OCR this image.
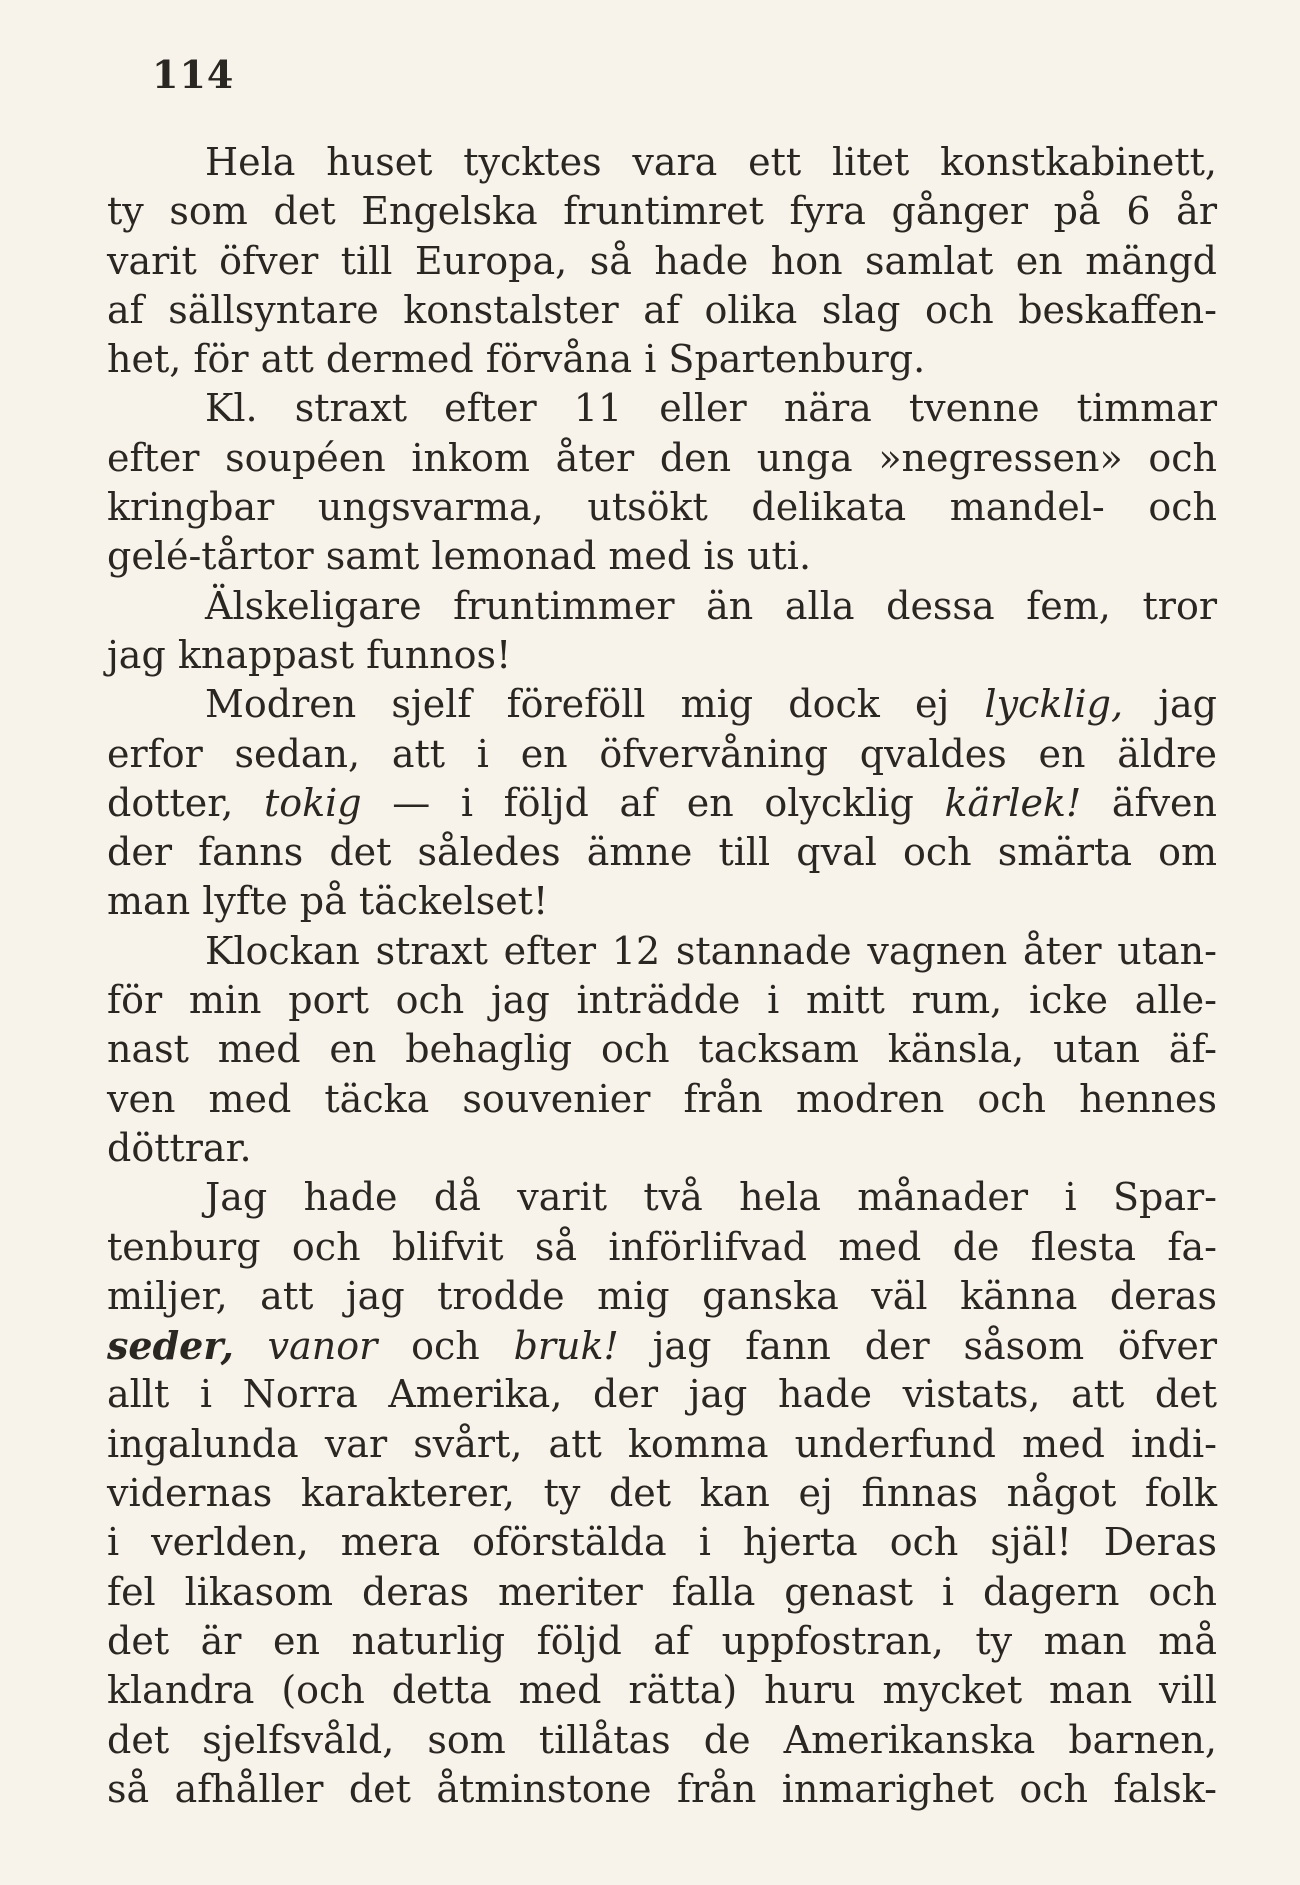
114
Hela huset tycktes vara ett litet konstkabinett,
ty som det Engelska fruntimret fyra gånger på 6 år
varit öfver till Europa, så hade hon samlat en mängd
af sällsyntare konstalster af olika slag och beskaffen-
het, för att dermed förvåna i Spartenburg.
Kl. straxt efter 11 eller nära tvenne timmar
efter soupéen inkom åter den unga »negressen» och
kringbar ungsvarma, utsökt delikata mandel- och
gelé-tårtor samt lemonad med is uti.
Älskeligare fruntimmer än alla dessa fem, tror
jag knappast funnos!
Modren sjelf föreföll mig dock ej lycklig, jag
erfor sedan, att i en öfvervåning qvaldes en äldre
dotter, tokig — i följd af en olycklig kärlek! äfven
der fanns det således ämne till qval och smärta om
man lyfte på täckelset!
Klockan straxt efter 12 stannade vagnen åter utan-
för min port och jag inträdde i mitt rum, icke alle-
nast med en behaglig och tacksam känsla, utan äf-
ven med täcka souvenier från modren och hennes
döttrar.
Jag hade då varit två hela månader i Spar-
tenburg och blifvit så införlifvad med de flesta fa-
miljer, att jag trodde mig ganska väl känna deras
seder, vanor och bruk! jag fann der såsom öfver
allt i Norra Amerika, der jag hade vistats, att det
ingalunda var svårt, att komma underfund med indi-
vidernas karakterer, ty det kan ej finnas något folk
i verlden, mera oförstälda i hjerta och själ! Deras
fel likasom deras meriter falla genast i dagern och
det är en naturlig följd af uppfostran, ty man må
klandra (och detta med rätta) huru mycket man vill
det sjelfsvåld, som tillåtas de Amerikanska barnen,
så afhåller det åtminstone från inmarighet och falsk-
